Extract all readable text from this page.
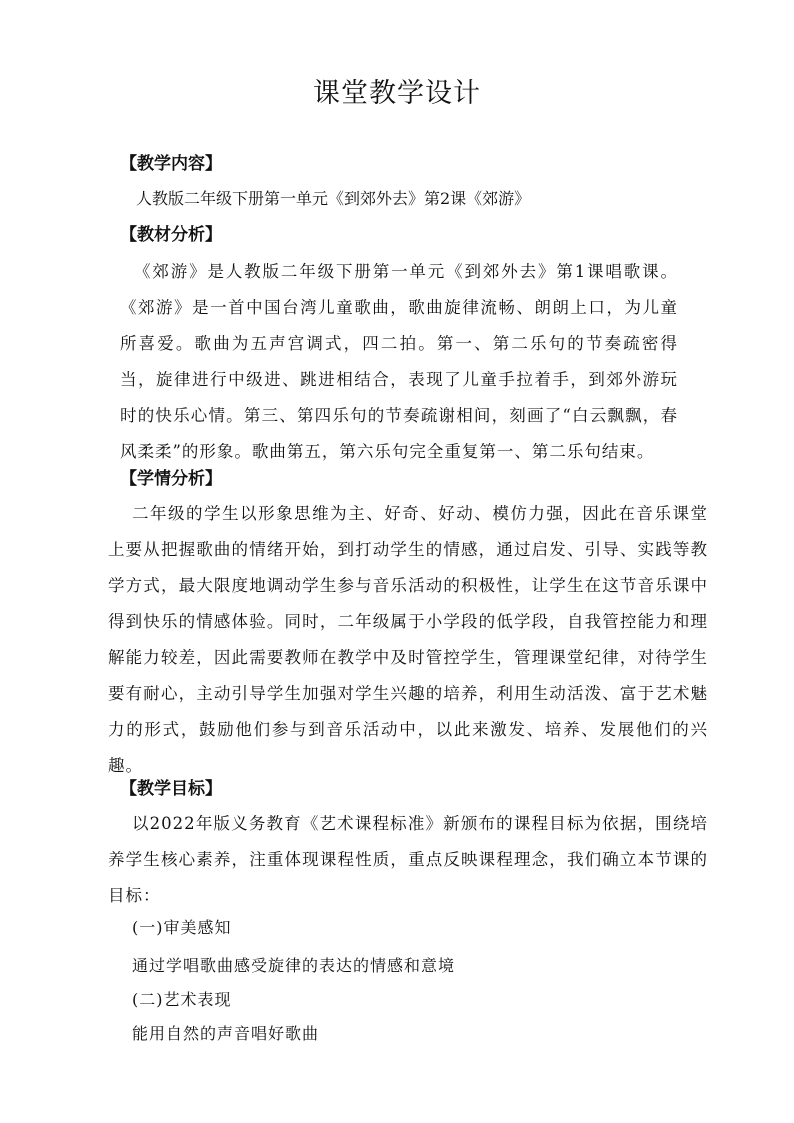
课堂教学设计
【教学内容】

人教版二年级下册第一单元《到郊外去》第2课《郊游》

【教材分析】

《郊游》是人教版二年级下册第一单元《到郊外去》第1课唱歌课。《郊游》是一首中国台湾儿童歌曲，歌曲旋律流畅、朗朗上口，为儿童所喜爱。歌曲为五声宫调式，四二拍。第一、第二乐句的节奏疏密得当，旋律进行中级进、跳进相结合，表现了儿童手拉着手，到郊外游玩时的快乐心情。第三、第四乐句的节奏疏谢相间，刻画了“白云飘飘，春风柔柔”的形象。歌曲第五，第六乐句完全重复第一、第二乐句结束。

【学情分析】

二年级的学生以形象思维为主、好奇、好动、模仿力强，因此在音乐课堂上要从把握歌曲的情绪开始，到打动学生的情感，通过启发、引导、实践等教学方式，最大限度地调动学生参与音乐活动的积极性，让学生在这节音乐课中得到快乐的情感体验。同时，二年级属于小学段的低学段，自我管控能力和理解能力较差，因此需要教师在教学中及时管控学生，管理课堂纪律，对待学生要有耐心，主动引导学生加强对学生兴趣的培养，利用生动活泼、富于艺术魅力的形式，鼓励他们参与到音乐活动中，以此来激发、培养、发展他们的兴趣。

【教学目标】

以2022年版义务教育《艺术课程标准》新颁布的课程目标为依据，围绕培养学生核心素养，注重体现课程性质，重点反映课程理念，我们确立本节课的目标：

(一)审美感知

通过学唱歌曲感受旋律的表达的情感和意境

(二)艺术表现

能用自然的声音唱好歌曲
